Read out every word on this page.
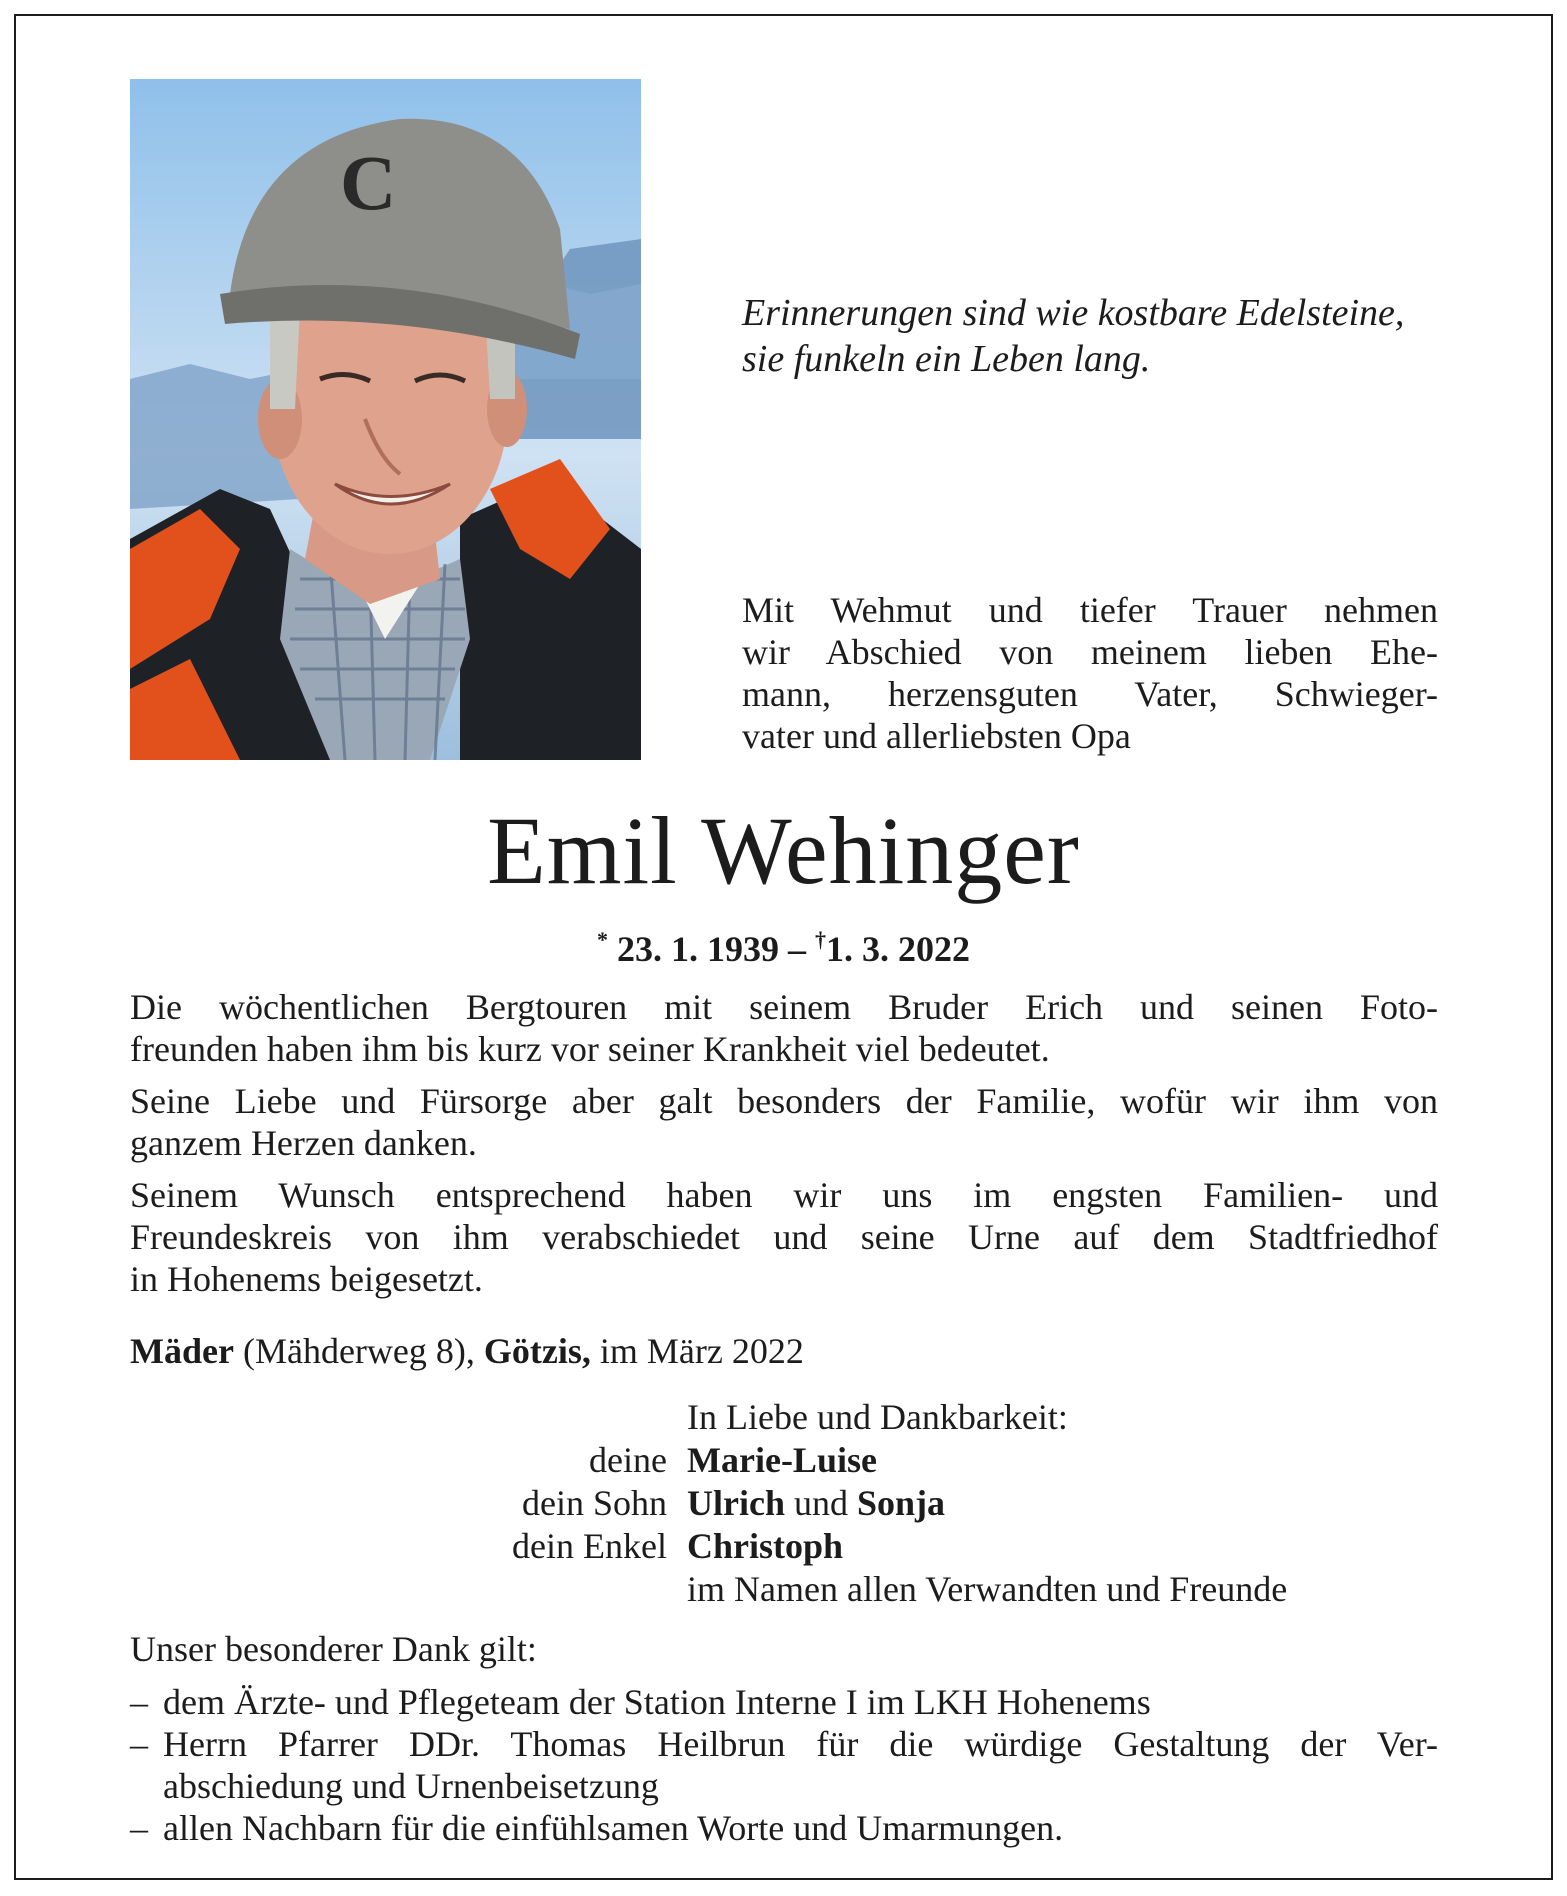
C
Erinnerungen sind wie kostbare Edelsteine,
sie funkeln ein Leben lang.
Mit Wehmut und tiefer Trauer nehmen
wir Abschied von meinem lieben Ehe-
mann, herzensguten Vater, Schwieger-
vater und allerliebsten Opa
Emil Wehinger
* 23. 1. 1939 – †1. 3. 2022
Die wöchentlichen Bergtouren mit seinem Bruder Erich und seinen Foto-
freunden haben ihm bis kurz vor seiner Krankheit viel bedeutet.
Seine Liebe und Fürsorge aber galt besonders der Familie, wofür wir ihm von
ganzem Herzen danken.
Seinem Wunsch entsprechend haben wir uns im engsten Familien- und
Freundeskreis von ihm verabschiedet und seine Urne auf dem Stadtfriedhof
in Hohenems beigesetzt.
Mäder (Mähderweg 8), Götzis, im März 2022

deine
dein Sohn
dein Enkel
In Liebe und Dankbarkeit:
Marie-Luise
Ulrich und Sonja
Christoph
im Namen allen Verwandten und Freunde
Unser besonderer Dank gilt:
– dem Ärzte- und Pflegeteam der Station Interne I im LKH Hohenems
– Herrn Pfarrer DDr. Thomas Heilbrun für die würdige Gestaltung der Ver-
abschiedung und Urnenbeisetzung
– allen Nachbarn für die einfühlsamen Worte und Umarmungen.
